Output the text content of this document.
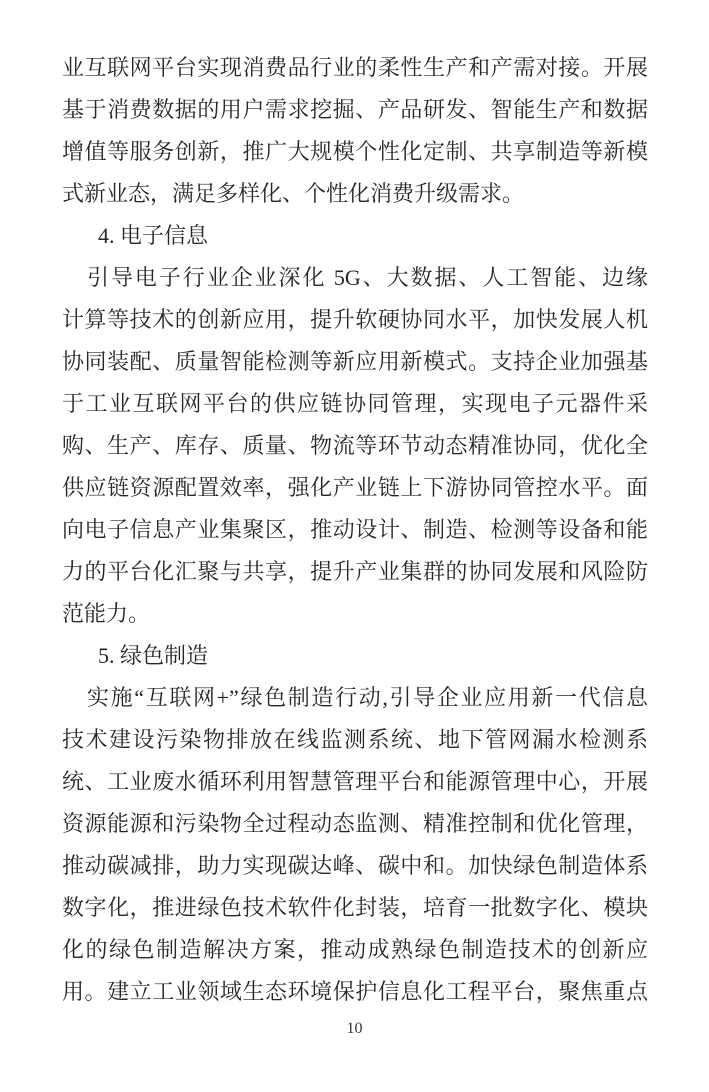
业互联网平台实现消费品行业的柔性生产和产需对接。开展
基于消费数据的用户需求挖掘、产品研发、智能生产和数据
增值等服务创新，推广大规模个性化定制、共享制造等新模
式新业态，满足多样化、个性化消费升级需求。
4. 电子信息
引导电子行业企业深化 5G、大数据、人工智能、边缘
计算等技术的创新应用，提升软硬协同水平，加快发展人机
协同装配、质量智能检测等新应用新模式。支持企业加强基
于工业互联网平台的供应链协同管理，实现电子元器件采
购、生产、库存、质量、物流等环节动态精准协同，优化全
供应链资源配置效率，强化产业链上下游协同管控水平。面
向电子信息产业集聚区，推动设计、制造、检测等设备和能
力的平台化汇聚与共享，提升产业集群的协同发展和风险防
范能力。
5. 绿色制造
实施“互联网+”绿色制造行动,引导企业应用新一代信息
技术建设污染物排放在线监测系统、地下管网漏水检测系
统、工业废水循环利用智慧管理平台和能源管理中心，开展
资源能源和污染物全过程动态监测、精准控制和优化管理，
推动碳减排，助力实现碳达峰、碳中和。加快绿色制造体系
数字化，推进绿色技术软件化封装，培育一批数字化、模块
化的绿色制造解决方案，推动成熟绿色制造技术的创新应
用。建立工业领域生态环境保护信息化工程平台，聚焦重点
10
